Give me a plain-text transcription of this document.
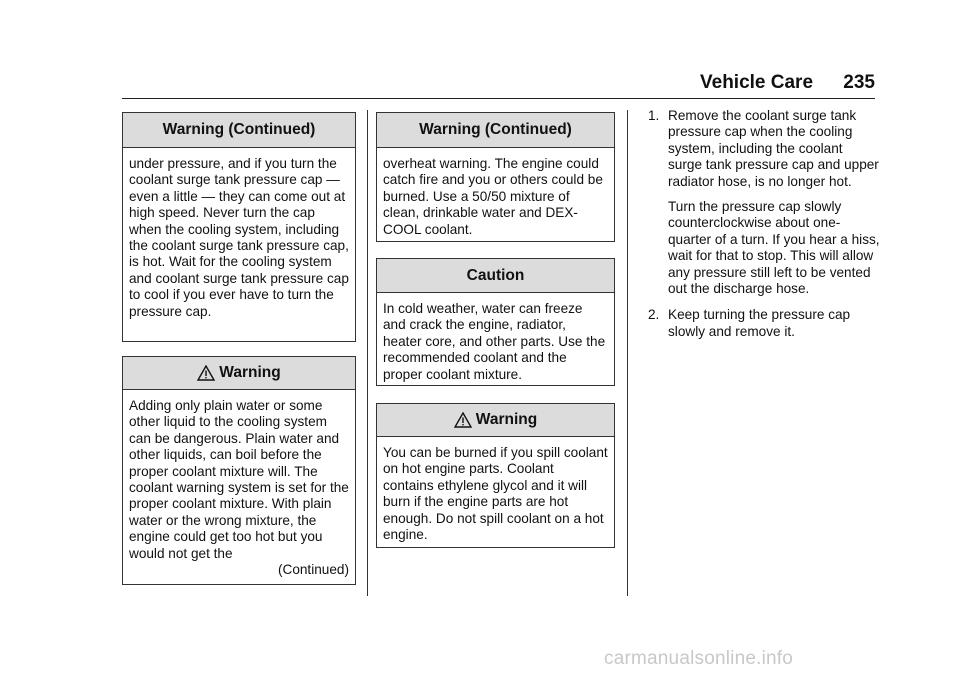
Vehicle Care 235
Warning (Continued)

under pressure, and if you turn the coolant surge tank pressure cap — even a little — they can come out at high speed. Never turn the cap when the cooling system, including the coolant surge tank pressure cap, is hot. Wait for the cooling system and coolant surge tank pressure cap to cool if you ever have to turn the pressure cap.

Warning

Adding only plain water or some other liquid to the cooling system can be dangerous. Plain water and other liquids, can boil before the proper coolant mixture will. The coolant warning system is set for the proper coolant mixture. With plain water or the wrong mixture, the engine could get too hot but you would not get the

(Continued)
Warning (Continued)

overheat warning. The engine could catch fire and you or others could be burned. Use a 50/50 mixture of clean, drinkable water and DEX-COOL coolant.

Caution

In cold weather, water can freeze and crack the engine, radiator, heater core, and other parts. Use the recommended coolant and the proper coolant mixture.

Warning

You can be burned if you spill coolant on hot engine parts. Coolant contains ethylene glycol and it will burn if the engine parts are hot enough. Do not spill coolant on a hot engine.

1. Remove the coolant surge tank pressure cap when the cooling system, including the coolant surge tank pressure cap and upper radiator hose, is no longer hot.

Turn the pressure cap slowly counterclockwise about one-quarter of a turn. If you hear a hiss, wait for that to stop. This will allow any pressure still left to be vented out the discharge hose.

2. Keep turning the pressure cap slowly and remove it.

carmanualsonline.info
